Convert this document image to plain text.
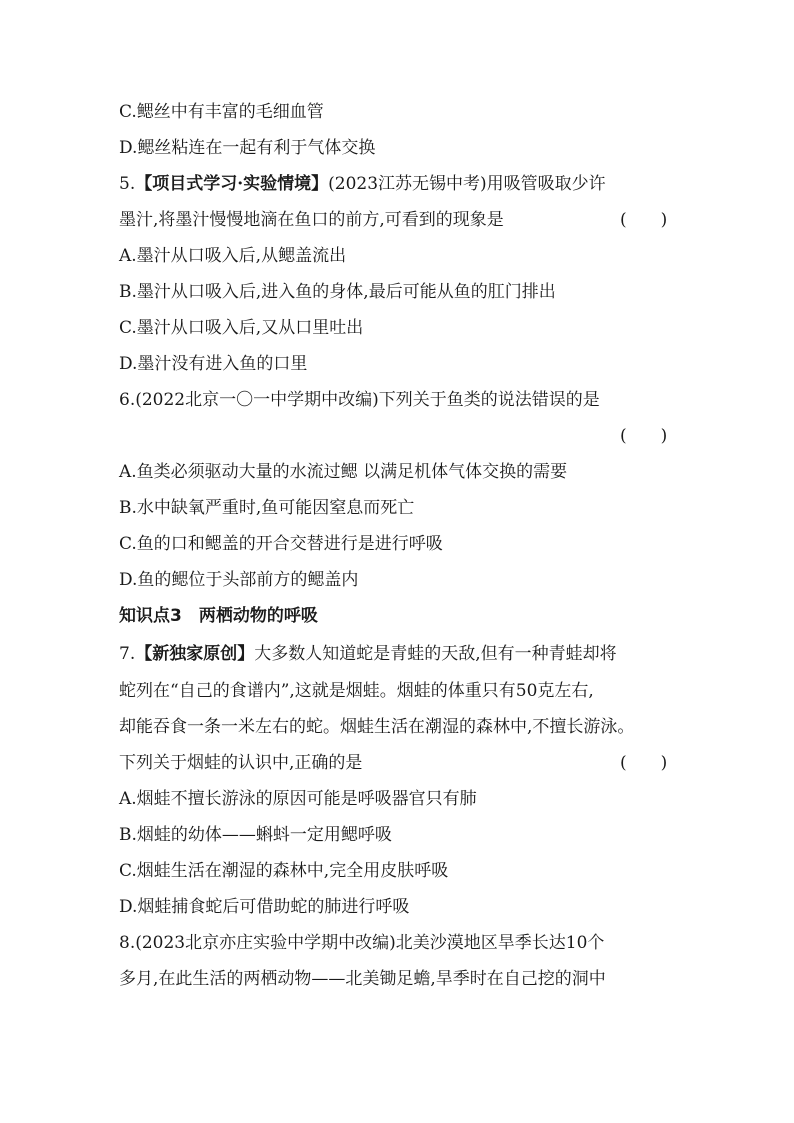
C.鳃丝中有丰富的毛细血管
D.鳃丝粘连在一起有利于气体交换
5.【项目式学习·实验情境】(2023江苏无锡中考)用吸管吸取少许
墨汁,将墨汁慢慢地滴在鱼口的前方,可看到的现象是	(　　)
A.墨汁从口吸入后,从鳃盖流出
B.墨汁从口吸入后,进入鱼的身体,最后可能从鱼的肛门排出
C.墨汁从口吸入后,又从口里吐出
D.墨汁没有进入鱼的口里
6.(2022北京一〇一中学期中改编)下列关于鱼类的说法错误的是
(　　)
A.鱼类必须驱动大量的水流过鳃 以满足机体气体交换的需要
B.水中缺氧严重时,鱼可能因窒息而死亡
C.鱼的口和鳃盖的开合交替进行是进行呼吸
D.鱼的鳃位于头部前方的鳃盖内
知识点3　两栖动物的呼吸
7.【新独家原创】大多数人知道蛇是青蛙的天敌,但有一种青蛙却将
蛇列在“自己的食谱内”,这就是烟蛙。烟蛙的体重只有50克左右,
却能吞食一条一米左右的蛇。烟蛙生活在潮湿的森林中,不擅长游泳。
下列关于烟蛙的认识中,正确的是	(　　)
A.烟蛙不擅长游泳的原因可能是呼吸器官只有肺
B.烟蛙的幼体——蝌蚪一定用鳃呼吸
C.烟蛙生活在潮湿的森林中,完全用皮肤呼吸
D.烟蛙捕食蛇后可借助蛇的肺进行呼吸
8.(2023北京亦庄实验中学期中改编)北美沙漠地区旱季长达10个
多月,在此生活的两栖动物——北美锄足蟾,旱季时在自己挖的洞中
